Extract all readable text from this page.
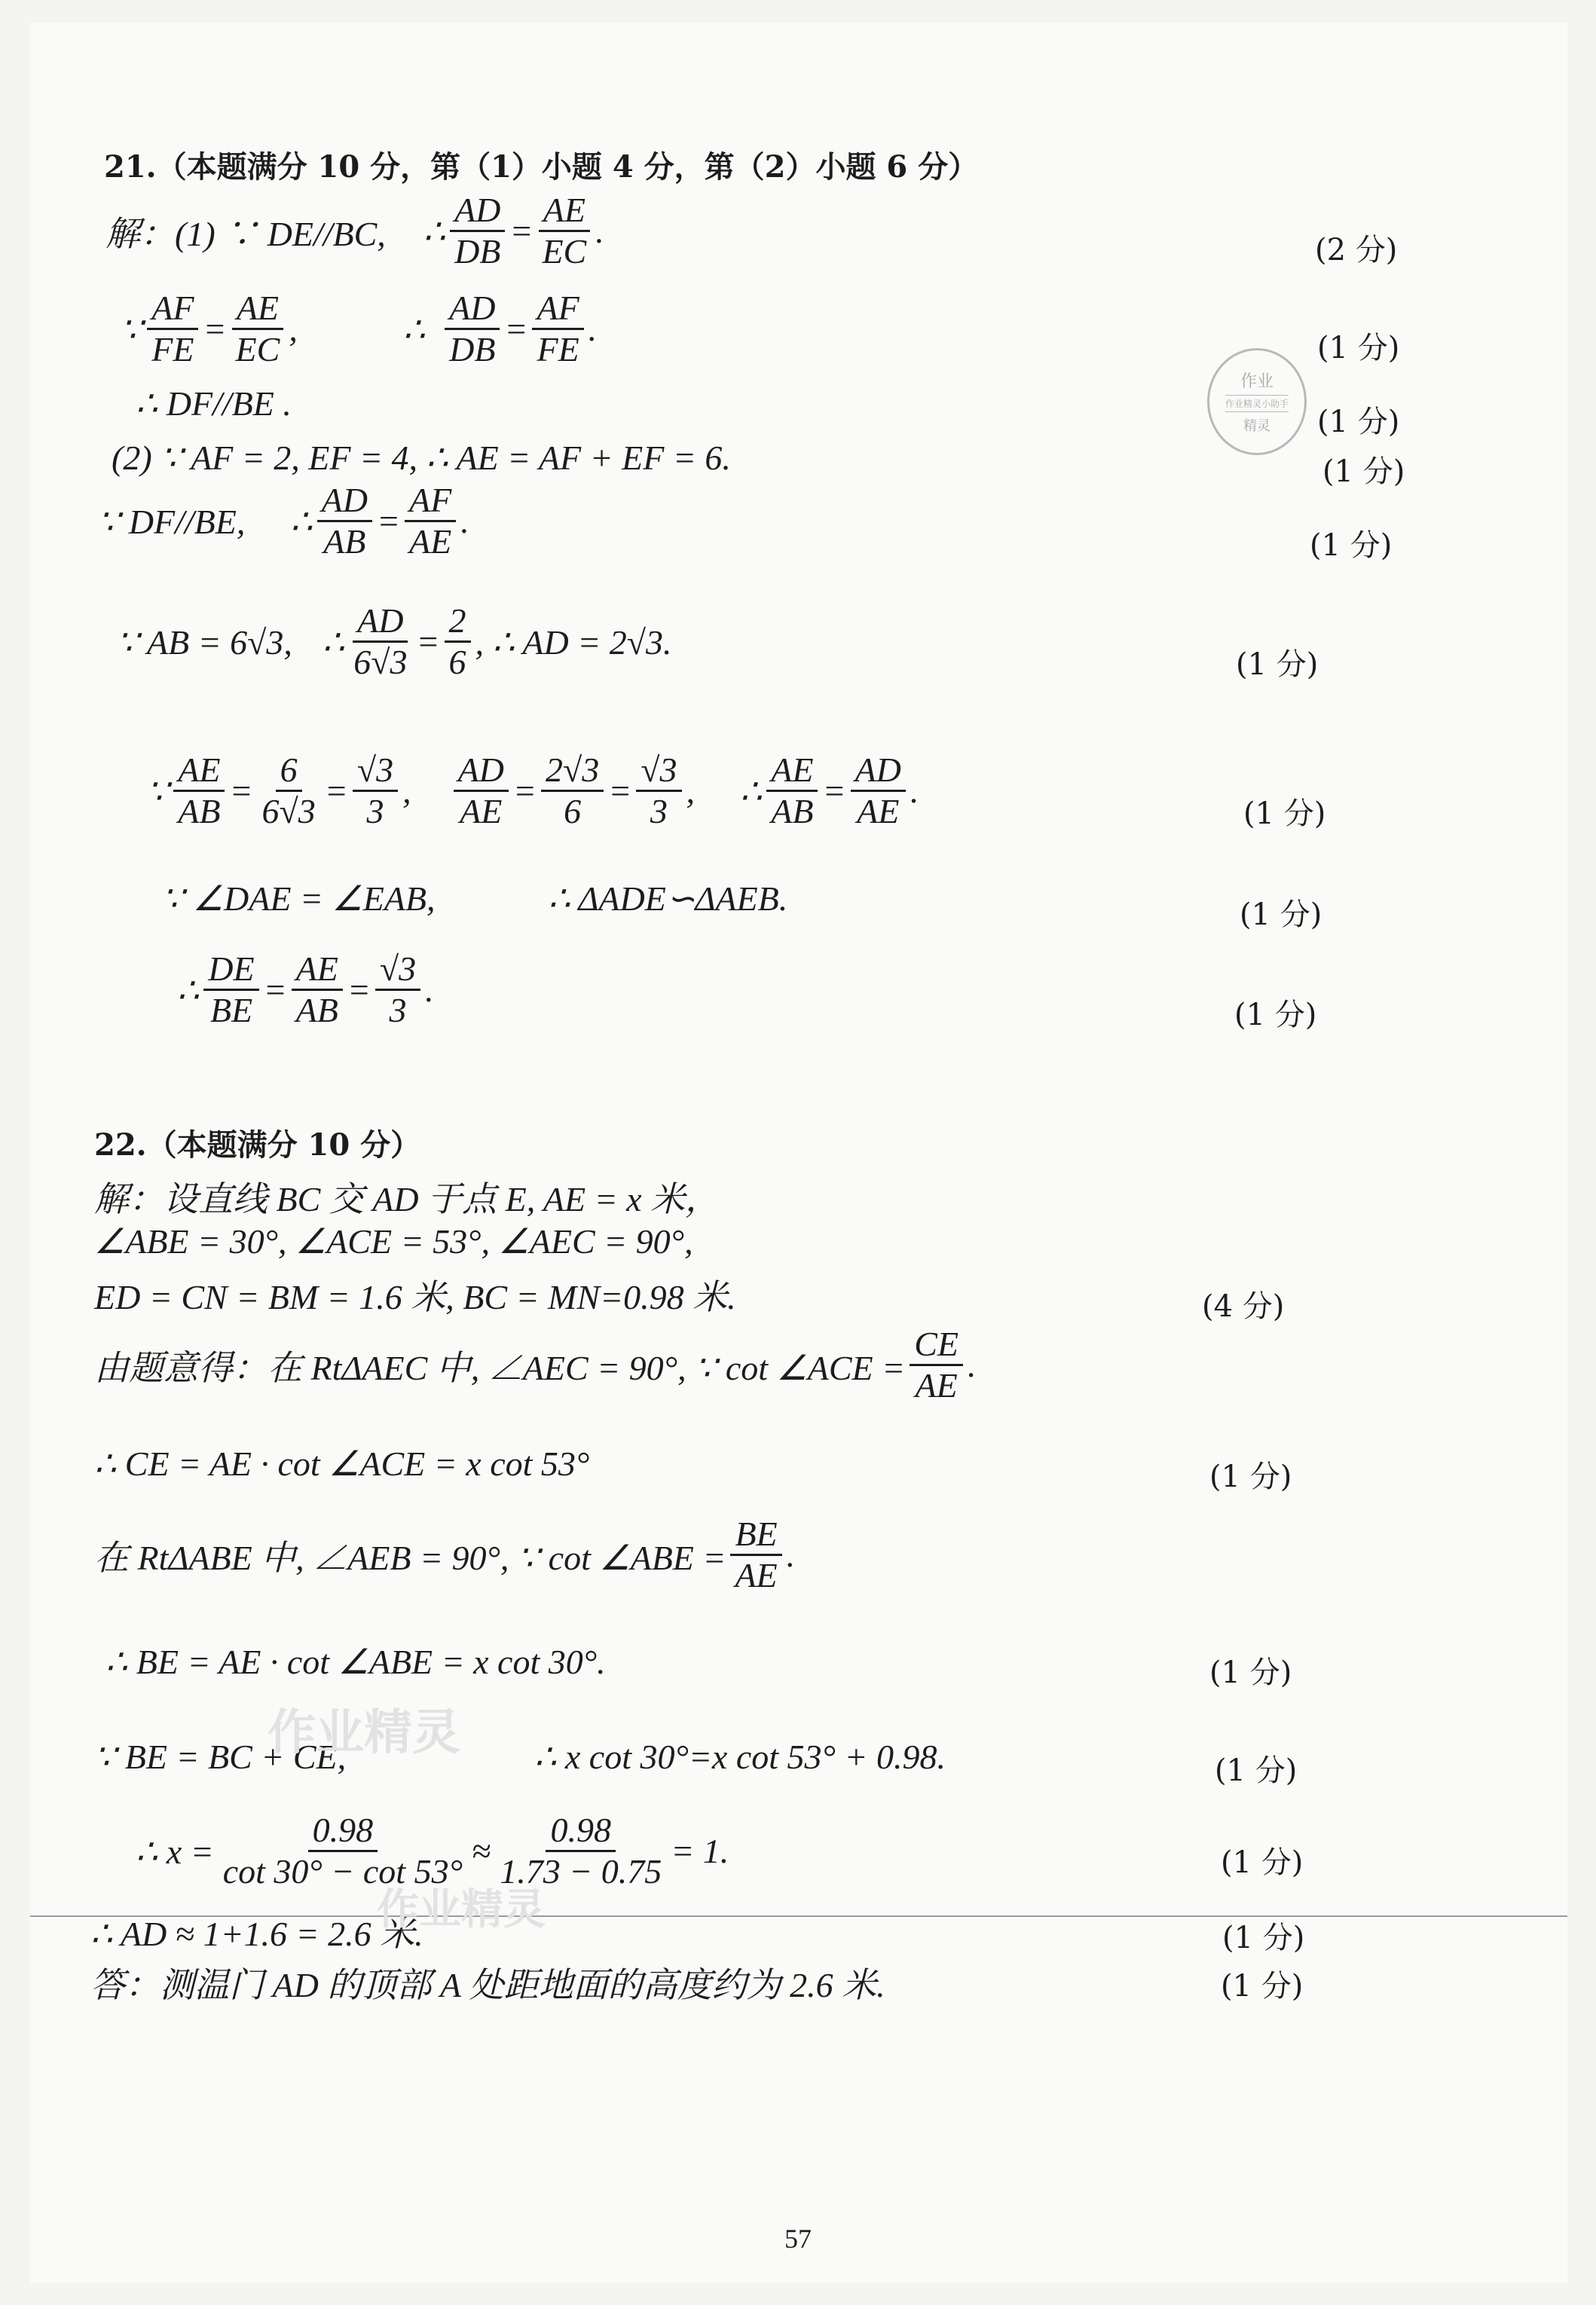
21.（本题满分 10 分，第（1）小题 4 分，第（2）小题 6 分）
解：(1) ∵ DE//BC, ∴ $\frac{AD}{DB} = \frac{AE}{EC}$ .	(2 分)
∵ $\frac{AF}{FE} = \frac{AE}{EC}$ ,	∴ $\frac{AD}{DB} = \frac{AF}{FE}$ .	(1 分)
∴ DF//BE .	(1 分)
(2) ∵ AF = 2, EF = 4, ∴ AE = AF + EF = 6.	(1 分)
∵ DF//BE, ∴ $\frac{AD}{AB} = \frac{AF}{AE}$ .
(1 分)
∵ AB = 6√3, ∴ $\frac{AD}{6√3} = \frac{2}{6}$ , ∴ AD = 2√3.
(1 分)
∵ $\frac{AE}{AB} = \frac{6}{6√3} = \frac{√3}{3}$ , $\frac{AD}{AE} = \frac{2√3}{6} = \frac{√3}{3}$ , ∴ $\frac{AE}{AB} = \frac{AD}{AE}$ .
(1 分)
∵ ∠DAE = ∠EAB,	∴ ΔADE∽ΔAEB.	(1 分)
∴ $\frac{DE}{BE} = \frac{AE}{AB} = \frac{√3}{3}$ .
(1 分)
22.（本题满分 10 分）
解：设直线 BC 交 AD 于点 E, AE = x 米，
∠ABE = 30°, ∠ACE = 53°, ∠AEC = 90°,
ED = CN = BM = 1.6 米, BC = MN=0.98 米.	(4 分)
由题意得：在 RtΔAEC 中, ∠AEC = 90°, ∵ cot ∠ACE = $\frac{CE}{AE}$ .
∴ CE = AE · cot ∠ACE = x cot 53°	(1 分)
在 RtΔABE 中, ∠AEB = 90°, ∵ cot ∠ABE = $\frac{BE}{AE}$ .
∴ BE = AE · cot ∠ABE = x cot 30°.	(1 分)
∵ BE = BC + CE,	∴ x cot 30°=x cot 53° + 0.98.	(1 分)
∴ $x = \frac{0.98}{\cot 30^\circ - \cot 53^\circ} \approx \frac{0.98}{1.73 - 0.75} = 1$.	(1 分)
∴ AD ≈ 1+1.6 = 2.6 米.	(1 分)
答：测温门 AD 的顶部 A 处距地面的高度约为 2.6 米.	(1 分)
作业
作业精灵小助手
精灵
作业精灵
作业精灵
57
